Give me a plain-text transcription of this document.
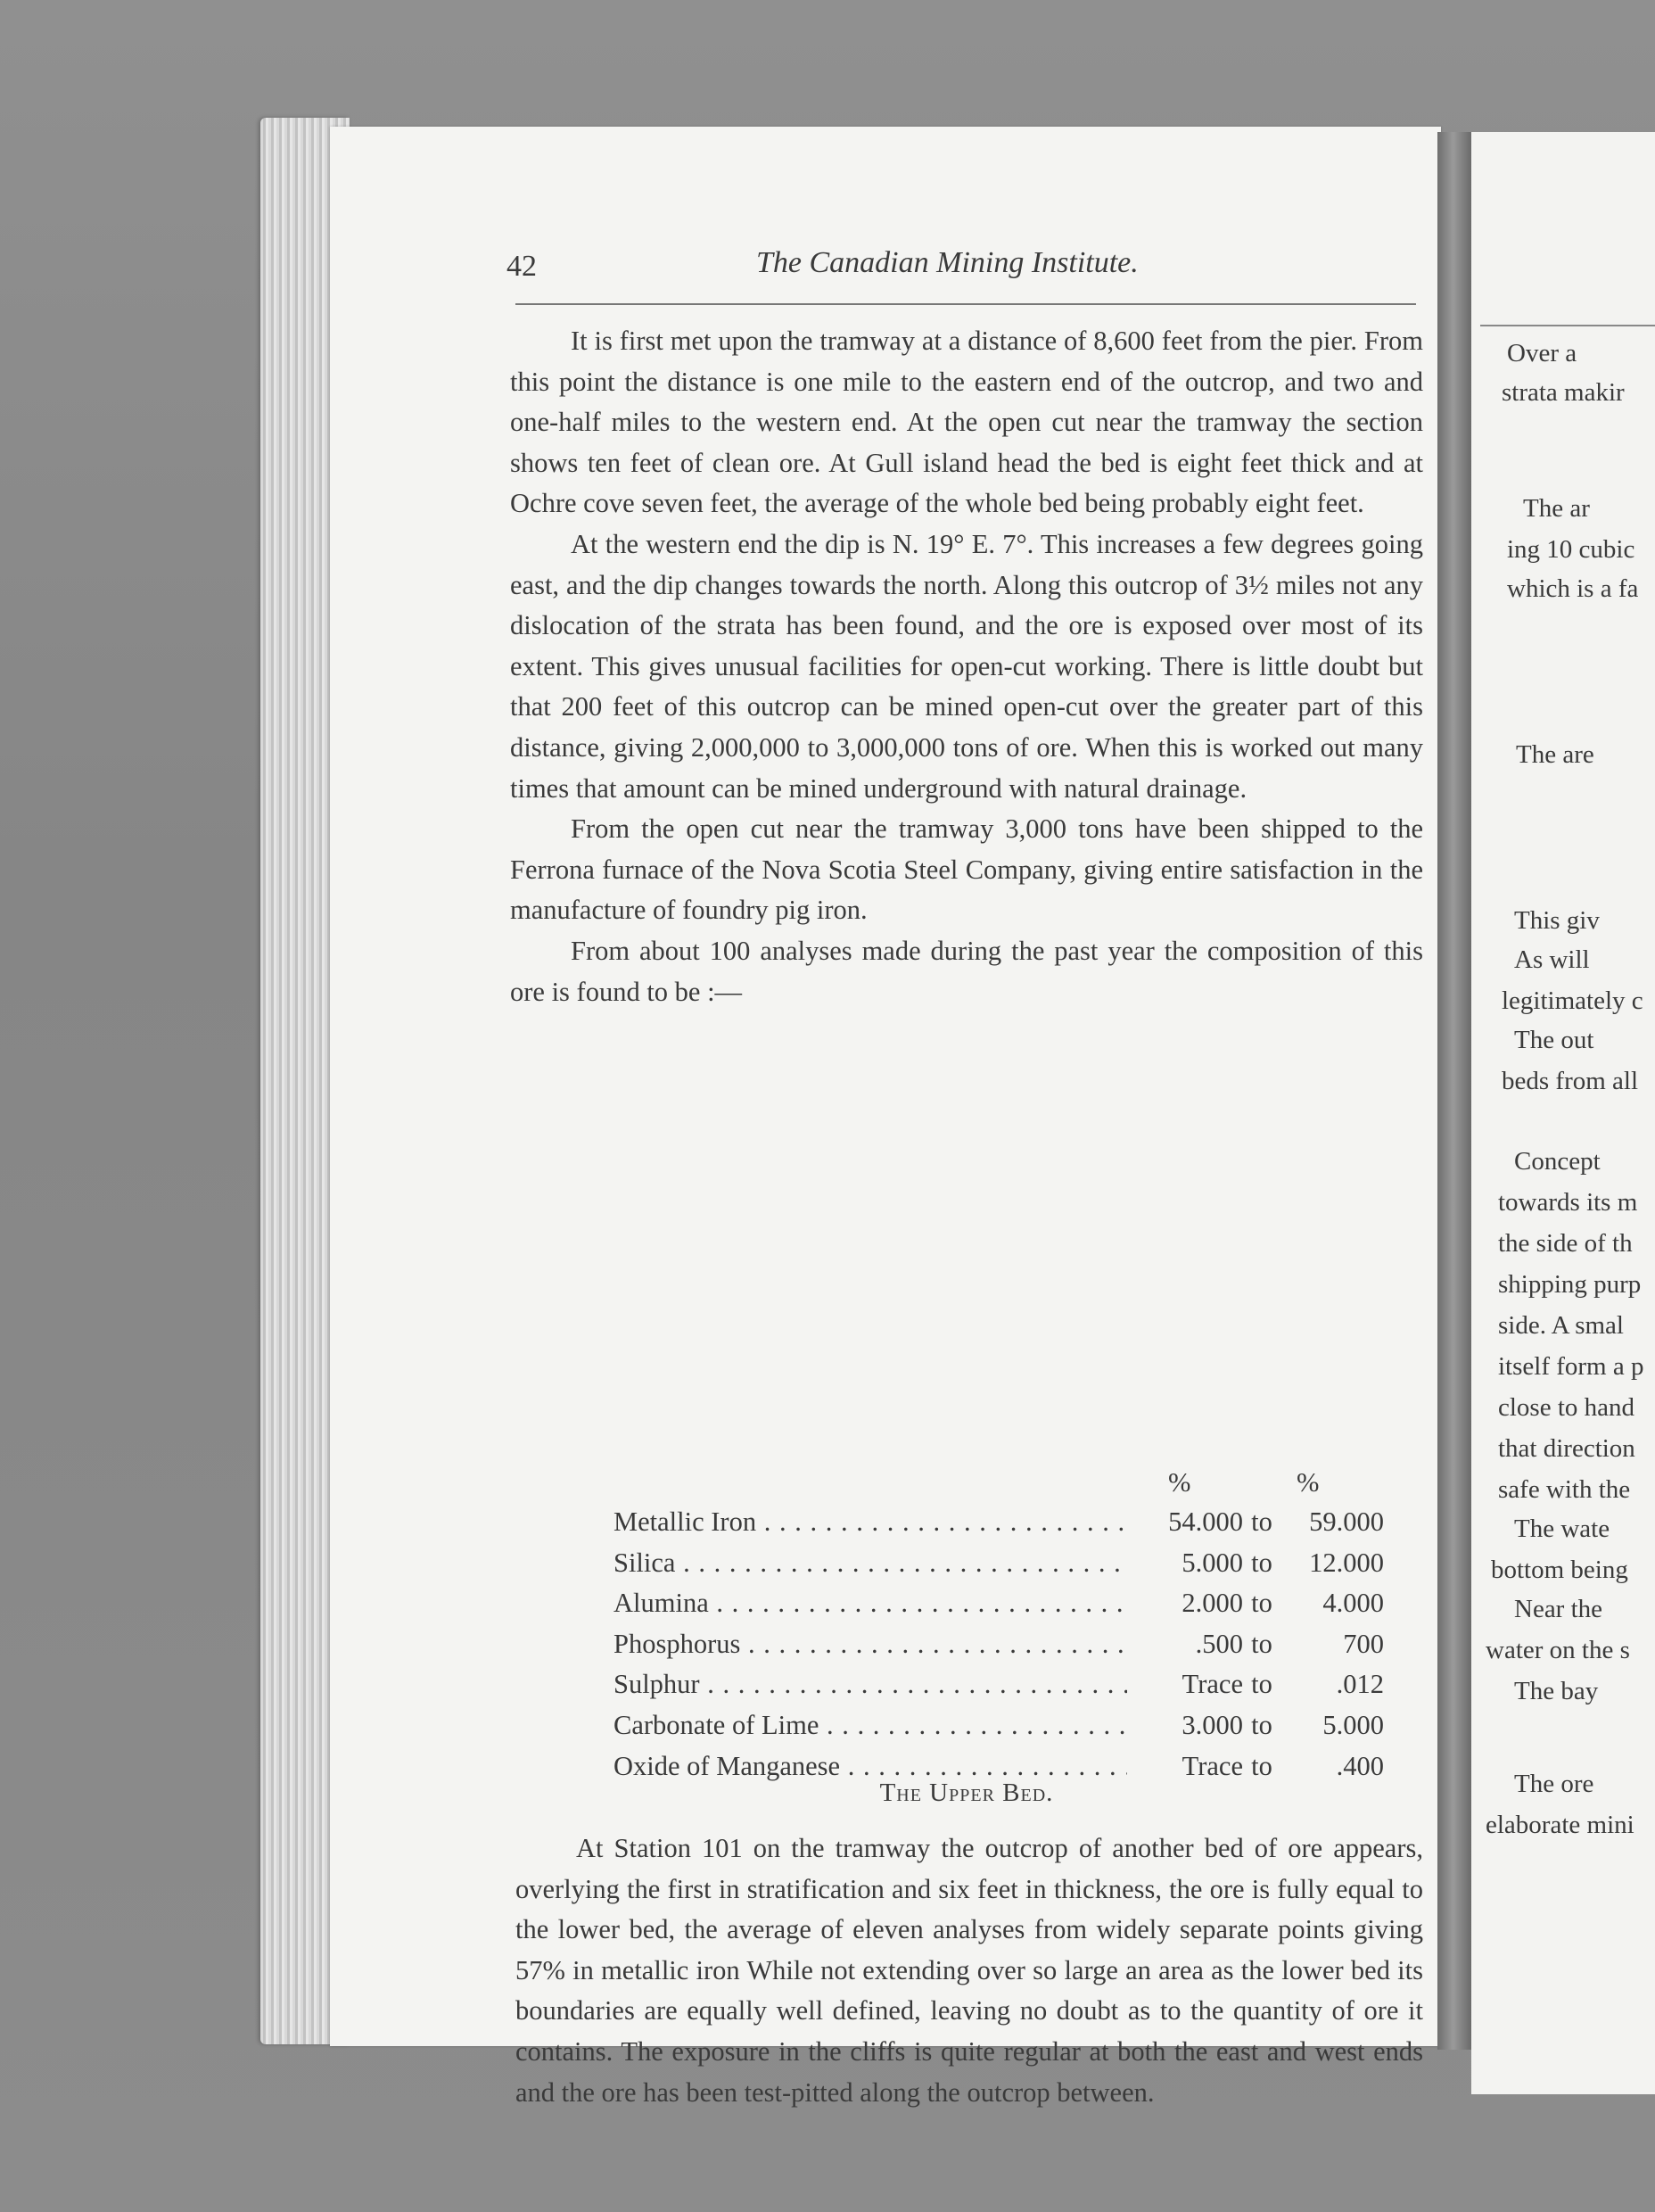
Over a
strata makir
The ar
ing 10 cubic
which is a fa
The are
This giv
As will
legitimately c
The out
beds from all
Concept
towards its m
the side of th
shipping purp
side. A smal
itself form a p
close to hand
that direction
safe with the
The wate
bottom being
Near the
water on the s
The bay
The ore
elaborate mini
42	The Canadian Mining Institute.

It is first met upon the tramway at a distance of 8,600 feet from the pier. From this point the distance is one mile to the eastern end of the outcrop, and two and one-half miles to the western end. At the open cut near the tramway the section shows ten feet of clean ore. At Gull island head the bed is eight feet thick and at Ochre cove seven feet, the average of the whole bed being probably eight feet.

At the western end the dip is N. 19° E. 7°. This increases a few degrees going east, and the dip changes towards the north. Along this outcrop of 3½ miles not any dislocation of the strata has been found, and the ore is exposed over most of its extent. This gives unusual facilities for open-cut working. There is little doubt but that 200 feet of this outcrop can be mined open-cut over the greater part of this distance, giving 2,000,000 to 3,000,000 tons of ore. When this is worked out many times that amount can be mined underground with natural drainage.

From the open cut near the tramway 3,000 tons have been shipped to the Ferrona furnace of the Nova Scotia Steel Company, giving entire satisfaction in the manufacture of foundry pig iron.

From about 100 analyses made during the past year the composition of this ore is found to be :—

%	%
Metallic Iron . . .	54.000 to	59.000
Silica . . .	5.000 to	12.000
Alumina . . .	2.000 to	4.000
Phosphorus . . .	.500 to	700
Sulphur . . .	Trace to	.012
Carbonate of Lime . . .	3.000 to	5.000
Oxide of Manganese . . .	Trace to	.400
The Upper Bed.

At Station 101 on the tramway the outcrop of another bed of ore appears, overlying the first in stratification and six feet in thickness, the ore is fully equal to the lower bed, the average of eleven analyses from widely separate points giving 57% in metallic iron While not extending over so large an area as the lower bed its boundaries are equally well defined, leaving no doubt as to the quantity of ore it contains. The exposure in the cliffs is quite regular at both the east and west ends and the ore has been test-pitted along the outcrop between.
